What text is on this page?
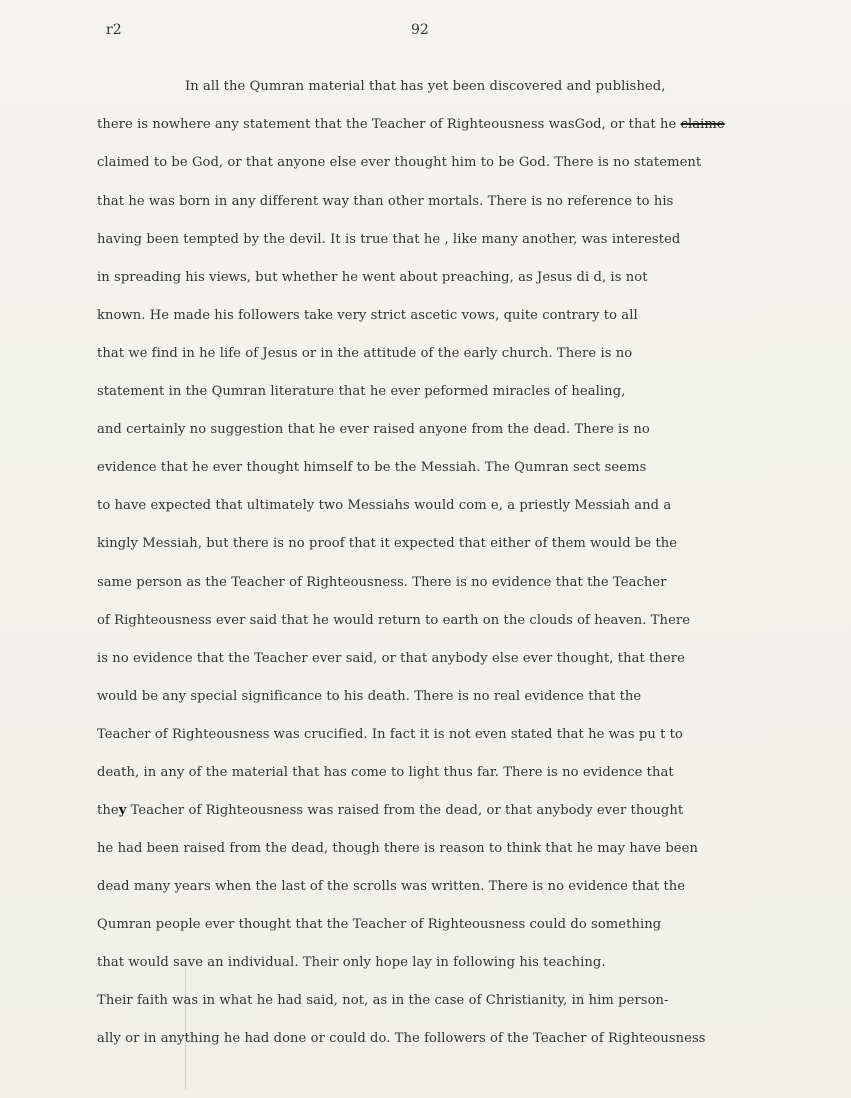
r2	92
In all the Qumran material that has yet been discovered and published,
there is nowhere any statement that the Teacher of Righteousness wasGod, or that he claime
claimed to be God, or that anyone else ever thought him to be God. There is no statement
that he was born in any different way than other mortals. There is no reference to his
having been tempted by the devil. It is true that he , like many another, was interested
in spreading his views, but whether he went about preaching, as Jesus di d, is not
known. He made his followers take very strict ascetic vows, quite contrary to all
that we find in he life of Jesus or in the attitude of the early church. There is no
statement in the Qumran literature that he ever peformed miracles of healing,
and certainly no suggestion that he ever raised anyone from the dead. There is no
evidence that he ever thought himself to be the Messiah. The Qumran sect seems
to have expected that ultimately two Messiahs would com e, a priestly Messiah and a
kingly Messiah, but there is no proof that it expected that either of them would be the
same person as the Teacher of Righteousness. There is no evidence that the Teacher
of Righteousness ever said that he would return to earth on the clouds of heaven. There
is no evidence that the Teacher ever said, or that anybody else ever thought, that there
would be any special significance to his death. There is no real evidence that the
Teacher of Righteousness was crucified. In fact it is not even stated that he was pu t to
death, in any of the material that has come to light thus far. There is no evidence that
they Teacher of Righteousness was raised from the dead, or that anybody ever thought
he had been raised from the dead, though there is reason to think that he may have been
dead many years when the last of the scrolls was written. There is no evidence that the
Qumran people ever thought that the Teacher of Righteousness could do something
that would save an individual. Their only hope lay in following his teaching.
Their faith was in what he had said, not, as in the case of Christianity, in him person-
ally or in anything he had done or could do. The followers of the Teacher of Righteousness
